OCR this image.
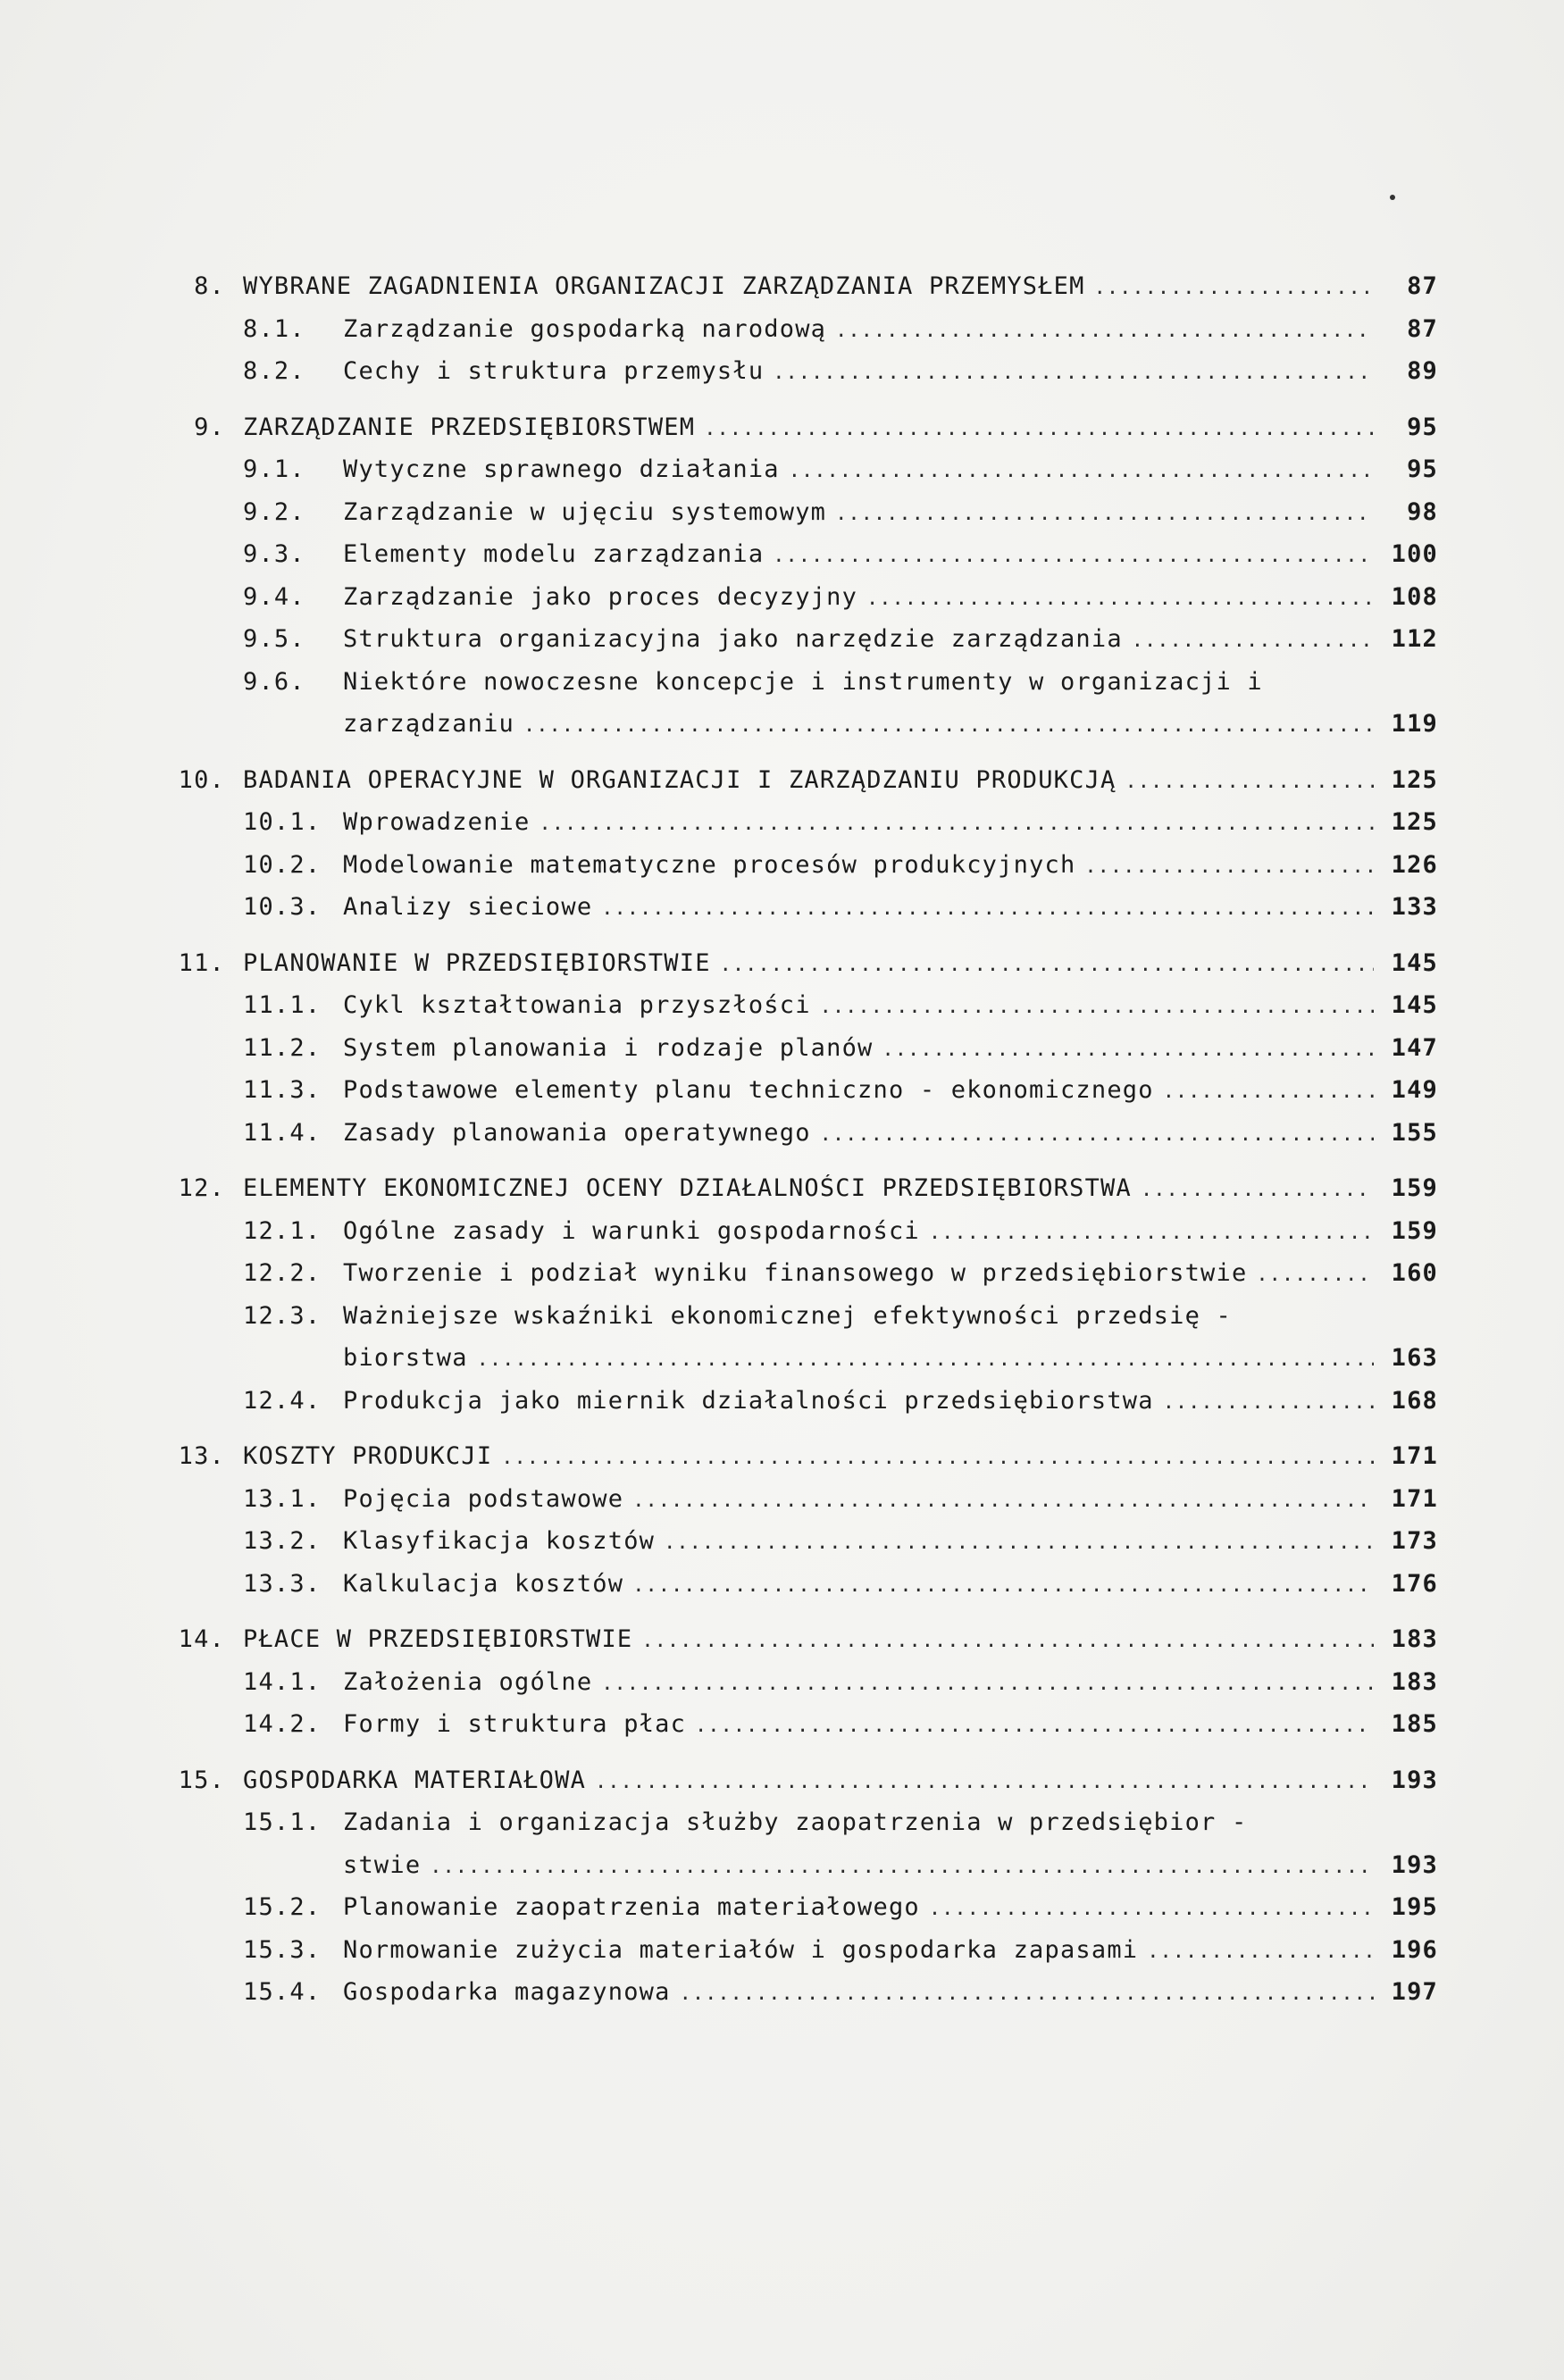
8. WYBRANE ZAGADNIENIA ORGANIZACJI ZARZĄDZANIA PRZEMYSŁEM .....	87
8.1.	Zarządzanie gospodarką narodową .....	87
8.2.	Cechy i struktura przemysłu .....	89
9. ZARZĄDZANIE PRZEDSIĘBIORSTWEM .....	95
9.1.	Wytyczne sprawnego działania .....	95
9.2.	Zarządzanie w ujęciu systemowym .....	98
9.3.	Elementy modelu zarządzania .....	100
9.4.	Zarządzanie jako proces decyzyjny .....	108
9.5.	Struktura organizacyjna jako narzędzie zarządzania .....	112
9.6.	Niektóre nowoczesne koncepcje i instrumenty w organizacji i
zarządzaniu .....	119
10. BADANIA OPERACYJNE W ORGANIZACJI I ZARZĄDZANIU PRODUKCJĄ .....	125
10.1. Wprowadzenie .....	125
10.2. Modelowanie matematyczne procesów produkcyjnych .....	126
10.3. Analizy sieciowe .....	133
11. PLANOWANIE W PRZEDSIĘBIORSTWIE .....	145
11.1. Cykl kształtowania przyszłości .....	145
11.2. System planowania i rodzaje planów .....	147
11.3. Podstawowe elementy planu techniczno - ekonomicznego .....	149
11.4. Zasady planowania operatywnego .....	155
12. ELEMENTY EKONOMICZNEJ OCENY DZIAŁALNOŚCI PRZEDSIĘBIORSTWA .....	159
12.1. Ogólne zasady i warunki gospodarności .....	159
12.2. Tworzenie i podział wyniku finansowego w przedsiębiorstwie .....	160
12.3. Ważniejsze wskaźniki ekonomicznej efektywności przedsię -
biorstwa .....	163
12.4. Produkcja jako miernik działalności przedsiębiorstwa .....	168
13. KOSZTY PRODUKCJI .....	171
13.1. Pojęcia podstawowe .....	171
13.2. Klasyfikacja kosztów .....	173
13.3. Kalkulacja kosztów .....	176
14. PŁACE W PRZEDSIĘBIORSTWIE .....	183
14.1. Założenia ogólne .....	183
14.2. Formy i struktura płac .....	185
15. GOSPODARKA MATERIAŁOWA .....	193
15.1. Zadania i organizacja służby zaopatrzenia w przedsiębior -
stwie .....	193
15.2. Planowanie zaopatrzenia materiałowego .....	195
15.3. Normowanie zużycia materiałów i gospodarka zapasami .....	196
15.4. Gospodarka magazynowa .....	197
